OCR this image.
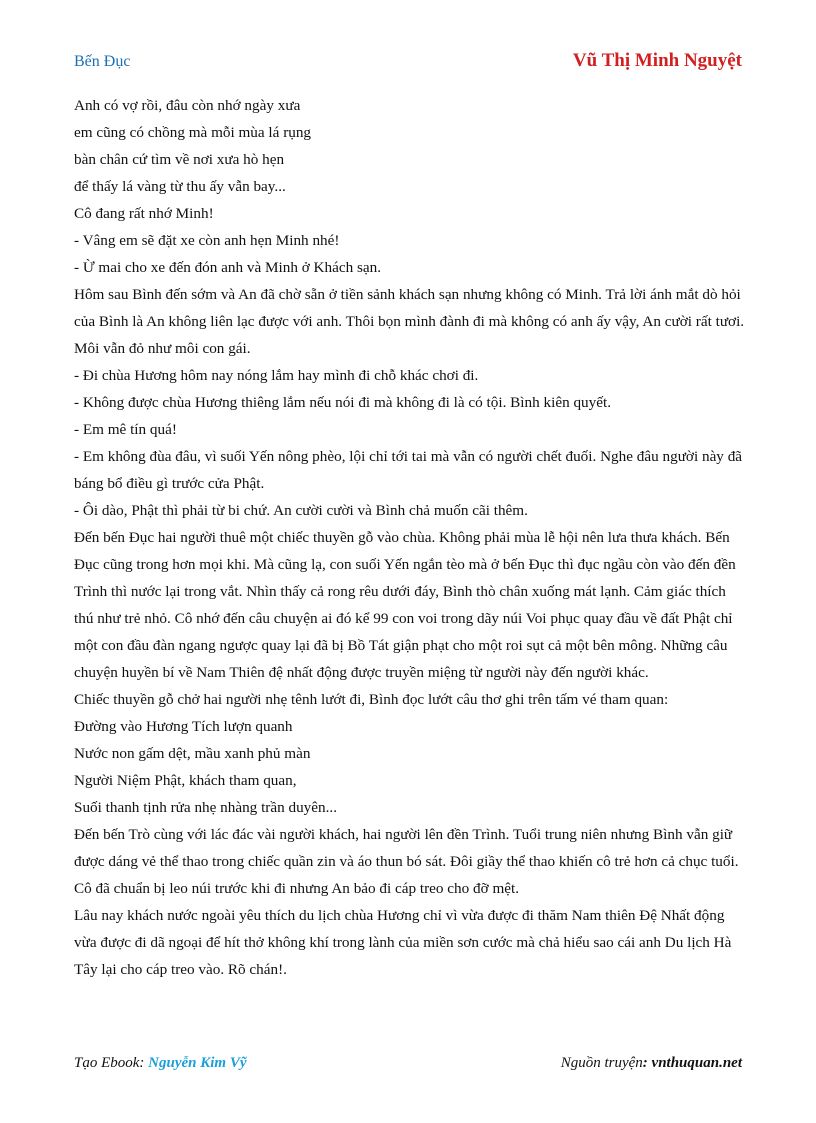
Bến Đục	Vũ Thị Minh Nguyệt

Anh có vợ rồi, đâu còn nhớ ngày xưa

em cũng có chồng mà mỗi mùa lá rụng

bàn chân cứ tìm về nơi xưa hò hẹn

để thấy lá vàng từ thu ấy vẫn bay...

Cô đang rất nhớ Minh!

- Vâng em sẽ đặt xe còn anh hẹn Minh nhé!

- Ừ mai cho xe đến đón anh và Minh ở Khách sạn.

Hôm sau Bình đến sớm và An đã chờ sẵn ở tiền sảnh khách sạn nhưng không có Minh. Trả lời ánh mắt dò hỏi của Bình là An không liên lạc được với anh. Thôi bọn mình đành đi mà không có anh ấy vậy, An cười rất tươi. Môi vẫn đỏ như môi con gái.

- Đi chùa Hương hôm nay nóng lắm hay mình đi chỗ khác chơi đi.

- Không được chùa Hương thiêng lắm nếu nói đi mà không đi là có tội. Bình kiên quyết.

- Em mê tín quá!

- Em không đùa đâu, vì suối Yến nông phèo, lội chỉ tới tai mà vẫn có người chết đuối. Nghe đâu người này đã báng bổ điều gì trước cửa Phật.

- Ôi dào, Phật thì phải từ bi chứ. An cười cười và Bình chả muốn cãi thêm.

Đến bến Đục hai người thuê một chiếc thuyền gỗ vào chùa. Không phải mùa lễ hội nên lưa thưa khách. Bến Đục cũng trong hơn mọi khi. Mà cũng lạ, con suối Yến ngắn tèo mà ở bến Đục thì đục ngầu còn vào đến đền Trình thì nước lại trong vắt. Nhìn thấy cả rong rêu dưới đáy, Bình thò chân xuống mát lạnh. Cảm giác thích thú như trẻ nhỏ. Cô nhớ đến câu chuyện ai đó kể 99 con voi trong dãy núi Voi phục quay đầu về đất Phật chỉ một con đầu đàn ngang ngược quay lại đã bị Bồ Tát giận phạt cho một roi sụt cả một bên mông. Những câu chuyện huyền bí về Nam Thiên đệ nhất động được truyền miệng từ người này đến người khác.

Chiếc thuyền gỗ chở hai người nhẹ tênh lướt đi, Bình đọc lướt câu thơ ghi trên tấm vé tham quan:

Đường vào Hương Tích lượn quanh

Nước non gấm dệt, mầu xanh phủ màn

Người Niệm Phật, khách tham quan,

Suối thanh tịnh rửa nhẹ nhàng trần duyên...

Đến bến Trò cùng với lác đác vài người khách, hai người lên đền Trình. Tuổi trung niên nhưng Bình vẫn giữ được dáng vẻ thể thao trong chiếc quần zin và áo thun bó sát. Đôi giầy thể thao khiến cô trẻ hơn cả chục tuổi. Cô đã chuẩn bị leo núi trước khi đi nhưng An bảo đi cáp treo cho đỡ mệt.

Lâu nay khách nước ngoài yêu thích du lịch chùa Hương chỉ vì vừa được đi thăm Nam thiên Đệ Nhất động vừa được đi dã ngoại để hít thở không khí trong lành của miền sơn cước mà chả hiểu sao cái anh Du lịch Hà Tây lại cho cáp treo vào. Rõ chán!.

Tạo Ebook: Nguyễn Kim Vỹ	Nguồn truyện: vnthuquan.net
